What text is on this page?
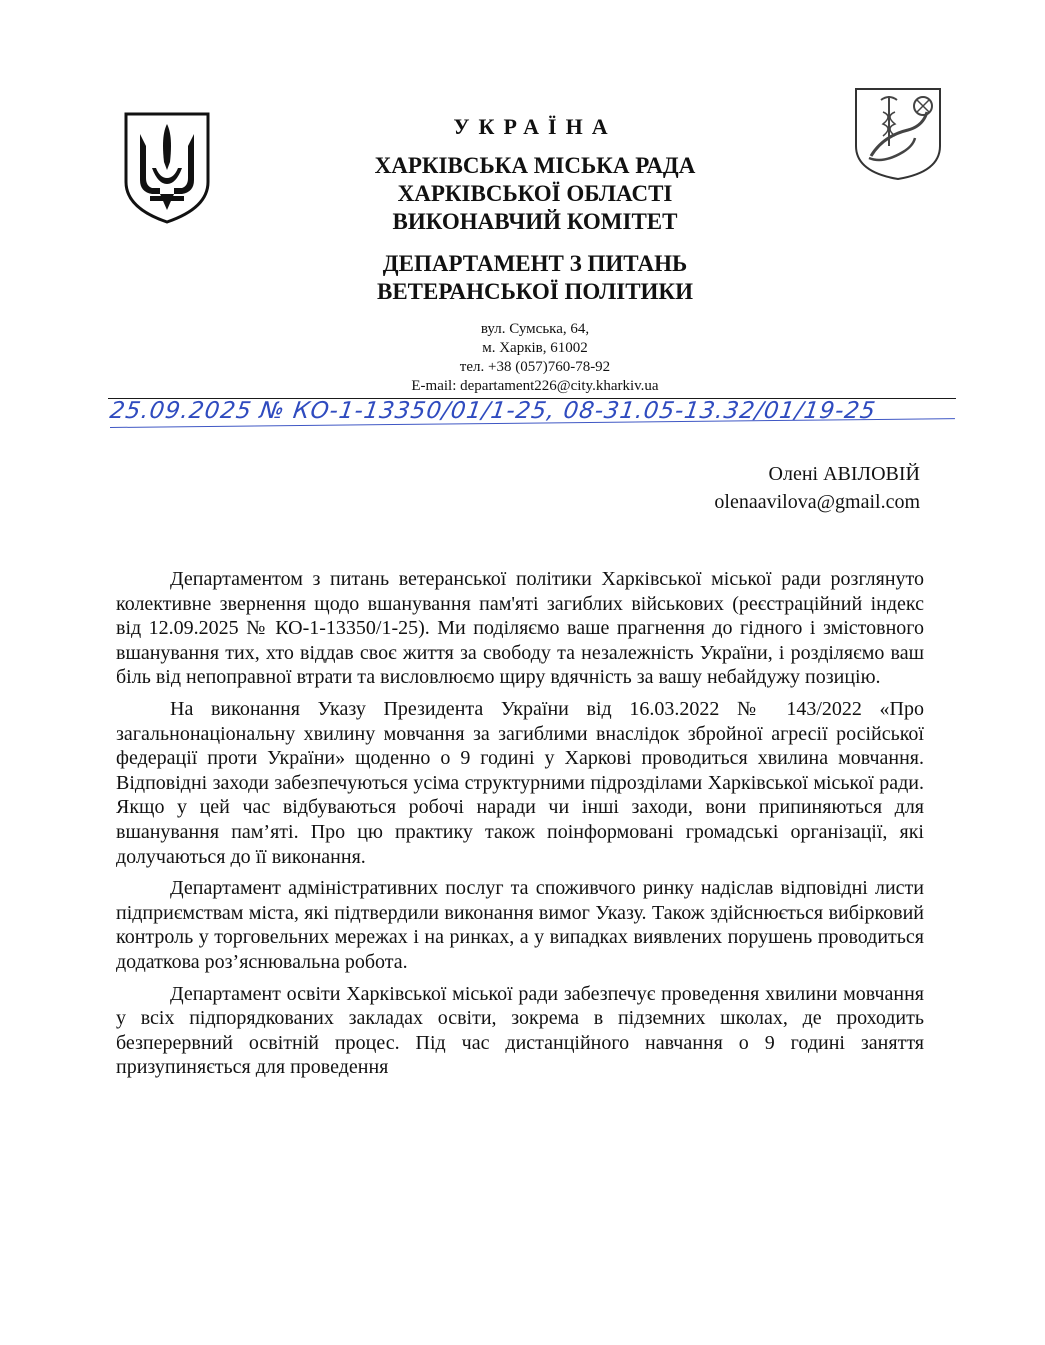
УКРАЇНА
ХАРКІВСЬКА МІСЬКА РАДА
ХАРКІВСЬКОЇ ОБЛАСТІ
ВИКОНАВЧИЙ КОМІТЕТ
ДЕПАРТАМЕНТ З ПИТАНЬ
ВЕТЕРАНСЬКОЇ ПОЛІТИКИ
вул. Сумська, 64,
м. Харків, 61002
тел. +38 (057)760-78-92
E-mail: departament226@city.kharkiv.ua
25.09.2025 № КО-1-13350/01/1-25, 08-31.05-13.32/01/19-25
Олені АВІЛОВІЙ
olenaavilova@gmail.com

Департаментом з питань ветеранської політики Харківської міської ради розглянуто колективне звернення щодо вшанування пам'яті загиблих військових (реєстраційний індекс від 12.09.2025 № КО-1-13350/1-25). Ми поділяємо ваше прагнення до гідного і змістовного вшанування тих, хто віддав своє життя за свободу та незалежність України, і розділяємо ваш біль від непоправної втрати та висловлюємо щиру вдячність за вашу небайдужу позицію.

На виконання Указу Президента України від 16.03.2022 № 143/2022 «Про загальнонаціональну хвилину мовчання за загиблими внаслідок збройної агресії російської федерації проти України» щоденно о 9 годині у Харкові проводиться хвилина мовчання. Відповідні заходи забезпечуються усіма структурними підрозділами Харківської міської ради. Якщо у цей час відбуваються робочі наради чи інші заходи, вони припиняються для вшанування пам’яті. Про цю практику також поінформовані громадські організації, які долучаються до її виконання.

Департамент адміністративних послуг та споживчого ринку надіслав відповідні листи підприємствам міста, які підтвердили виконання вимог Указу. Також здійснюється вибірковий контроль у торговельних мережах і на ринках, а у випадках виявлених порушень проводиться додаткова роз’яснювальна робота.

Департамент освіти Харківської міської ради забезпечує проведення хвилини мовчання у всіх підпорядкованих закладах освіти, зокрема в підземних школах, де проходить безперервний освітній процес. Під час дистанційного навчання о 9 годині заняття призупиняється для проведення
